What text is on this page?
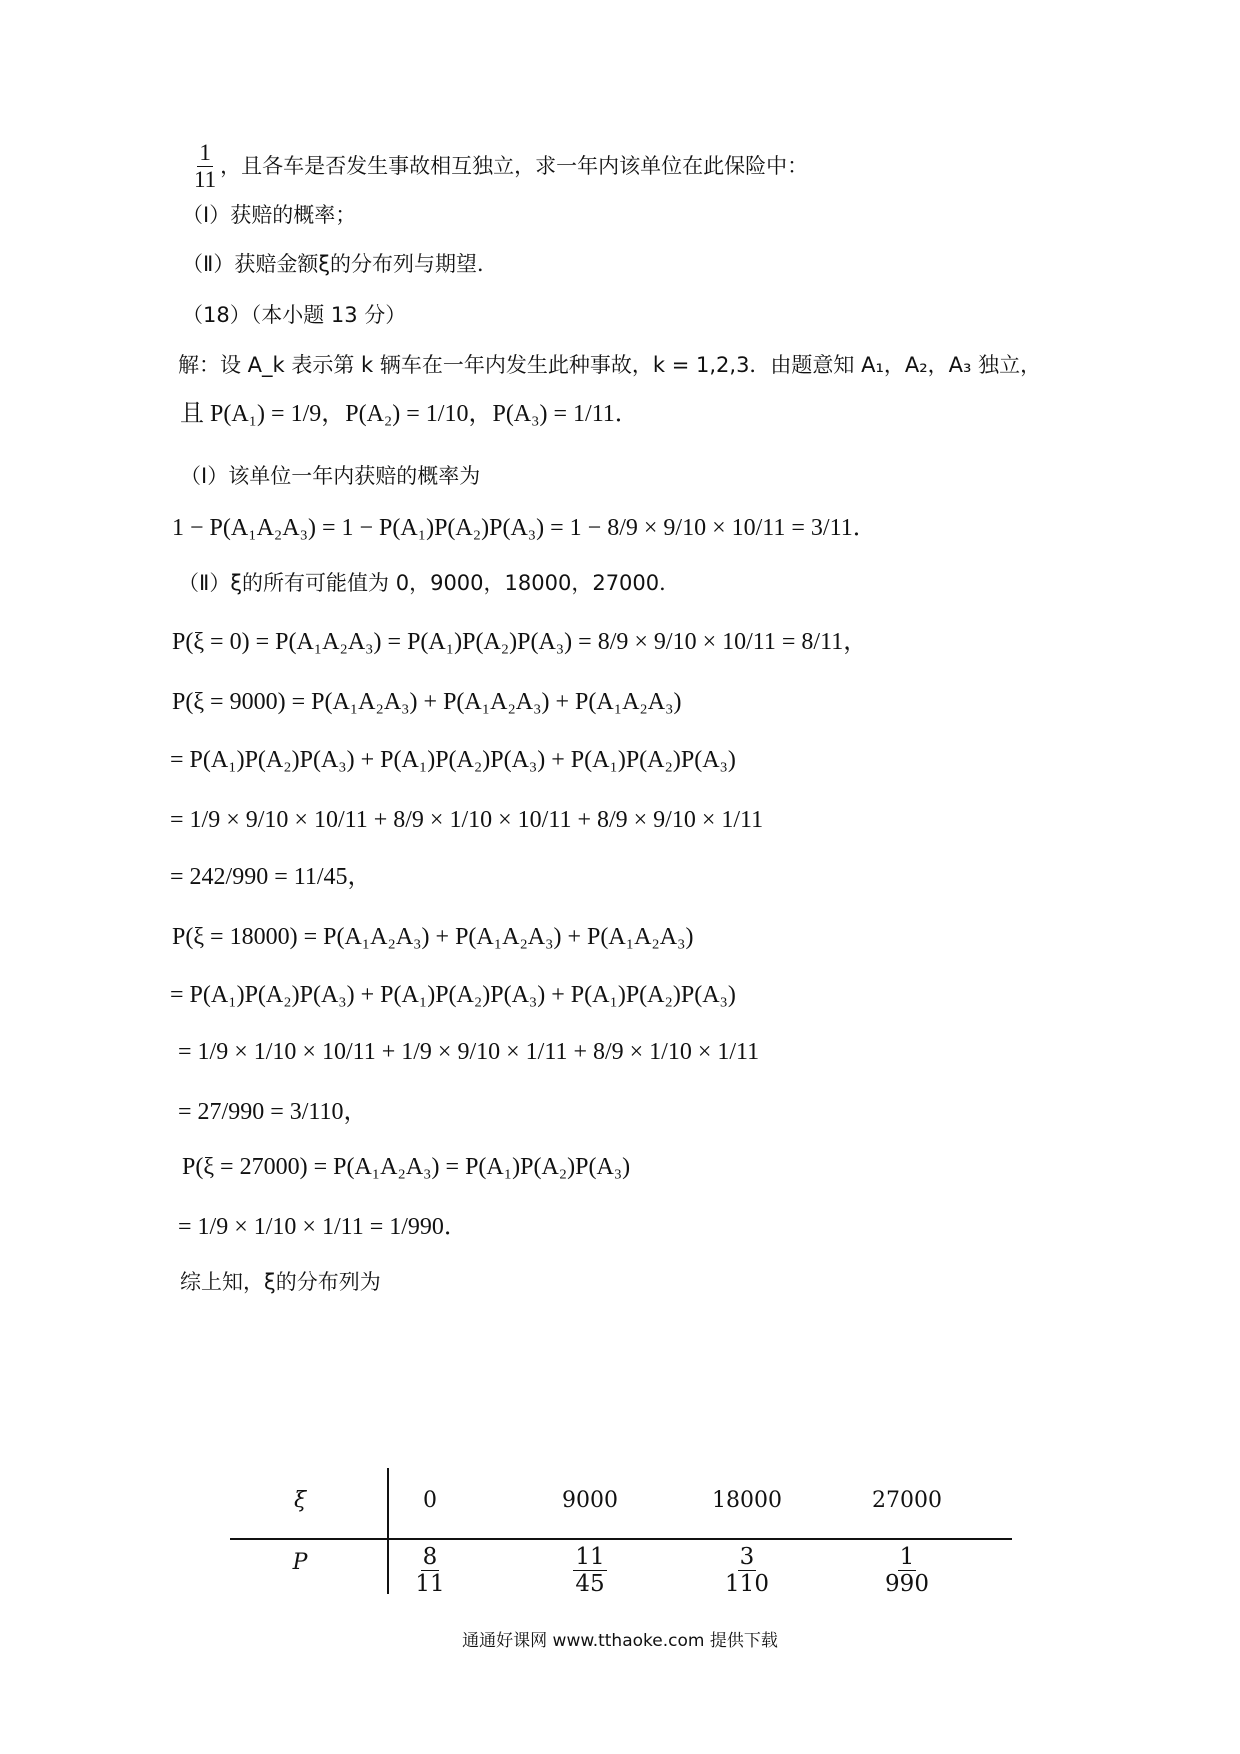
$\frac{1}{11}$ ，且各车是否发生事故相互独立，求一年内该单位在此保险中：
（Ⅰ）获赔的概率；
（Ⅱ）获赔金额ξ的分布列与期望．
（18）（本小题 13 分）
解：设 A_k 表示第 k 辆车在一年内发生此种事故，k = 1,2,3．由题意知 A₁，A₂，A₃ 独立，
且 P(A₁) = 1/9，P(A₂) = 1/10，P(A₃) = 1/11．
（Ⅰ）该单位一年内获赔的概率为
1 − P(A₁A₂A₃) = 1 − P(A₁)P(A₂)P(A₃) = 1 − 8/9 × 9/10 × 10/11 = 3/11．
（Ⅱ）ξ的所有可能值为 0，9000，18000，27000．
P(ξ = 0) = P(A₁A₂A₃) = P(A₁)P(A₂)P(A₃) = 8/9 × 9/10 × 10/11 = 8/11，
P(ξ = 9000) = P(A₁A₂A₃) + P(A₁A₂A₃) + P(A₁A₂A₃)
= P(A₁)P(A₂)P(A₃) + P(A₁)P(A₂)P(A₃) + P(A₁)P(A₂)P(A₃)
= 1/9 × 9/10 × 10/11 + 8/9 × 1/10 × 10/11 + 8/9 × 9/10 × 1/11
= 242/990 = 11/45，
P(ξ = 18000) = P(A₁A₂A₃) + P(A₁A₂A₃) + P(A₁A₂A₃)
= P(A₁)P(A₂)P(A₃) + P(A₁)P(A₂)P(A₃) + P(A₁)P(A₂)P(A₃)
= 1/9 × 1/10 × 10/11 + 1/9 × 9/10 × 1/11 + 8/9 × 1/10 × 1/11
= 27/990 = 3/110，
P(ξ = 27000) = P(A₁A₂A₃) = P(A₁)P(A₂)P(A₃)
= 1/9 × 1/10 × 1/11 = 1/990．
综上知，ξ的分布列为
ξ	0	9000	18000	27000
P	$\frac{8}{11}$	$\frac{11}{45}$	$\frac{3}{110}$	$\frac{1}{990}$
通通好课网 www.tthaoke.com 提供下载
